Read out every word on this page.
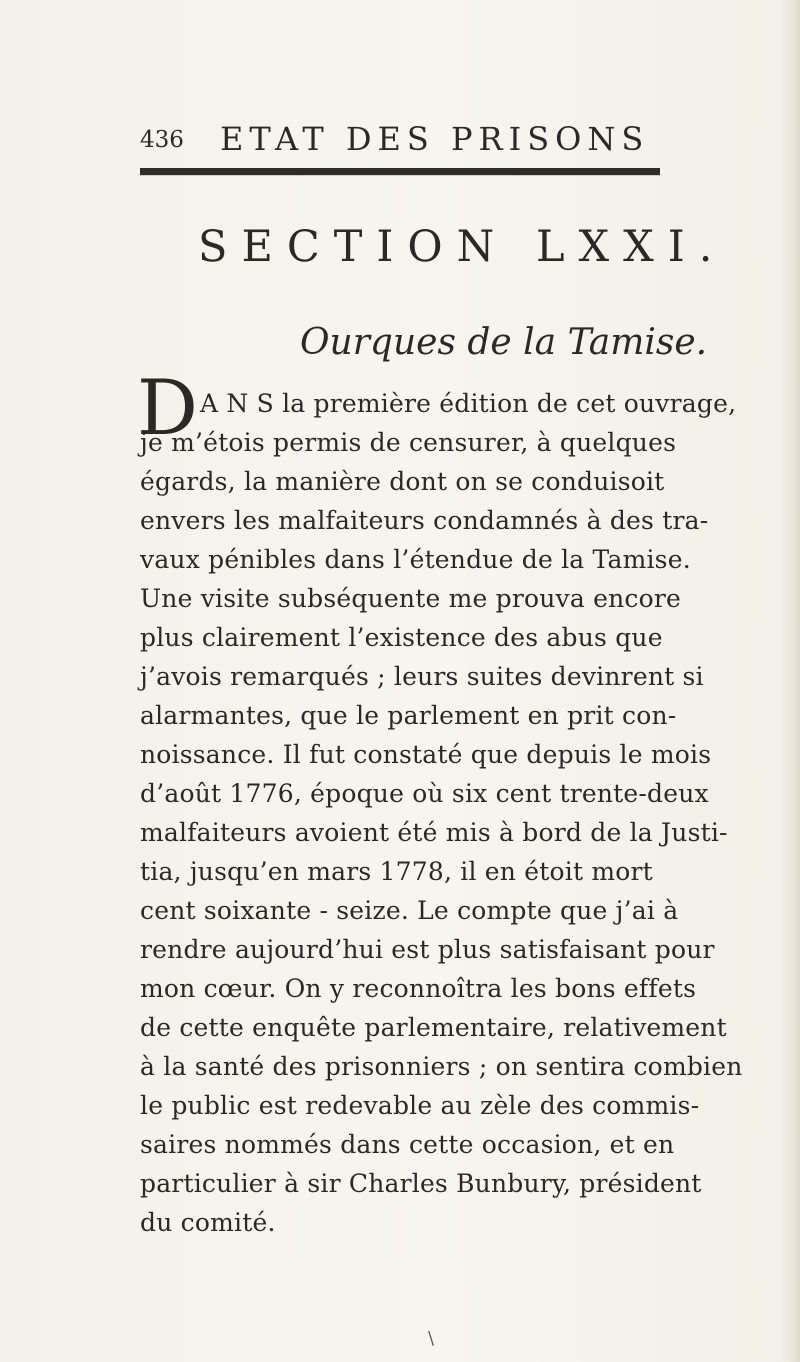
436 ETAT DES PRISONS
SECTION LXXI.
Ourques de la Tamise.
D A N S la première édition de cet ouvrage,
je m’étois permis de censurer, à quelques
égards, la manière dont on se conduisoit
envers les malfaiteurs condamnés à des tra-
vaux pénibles dans l’étendue de la Tamise.
Une visite subséquente me prouva encore
plus clairement l’existence des abus que
j’avois remarqués ; leurs suites devinrent si
alarmantes, que le parlement en prit con-
noissance. Il fut constaté que depuis le mois
d’août 1776, époque où six cent trente-deux
malfaiteurs avoient été mis à bord de la Justi-
tia, jusqu’en mars 1778, il en étoit mort
cent soixante - seize. Le compte que j’ai à
rendre aujourd’hui est plus satisfaisant pour
mon cœur. On y reconnoîtra les bons effets
de cette enquête parlementaire, relativement
à la santé des prisonniers ; on sentira combien
le public est redevable au zèle des commis-
saires nommés dans cette occasion, et en
particulier à sir Charles Bunbury, président
du comité.
\
